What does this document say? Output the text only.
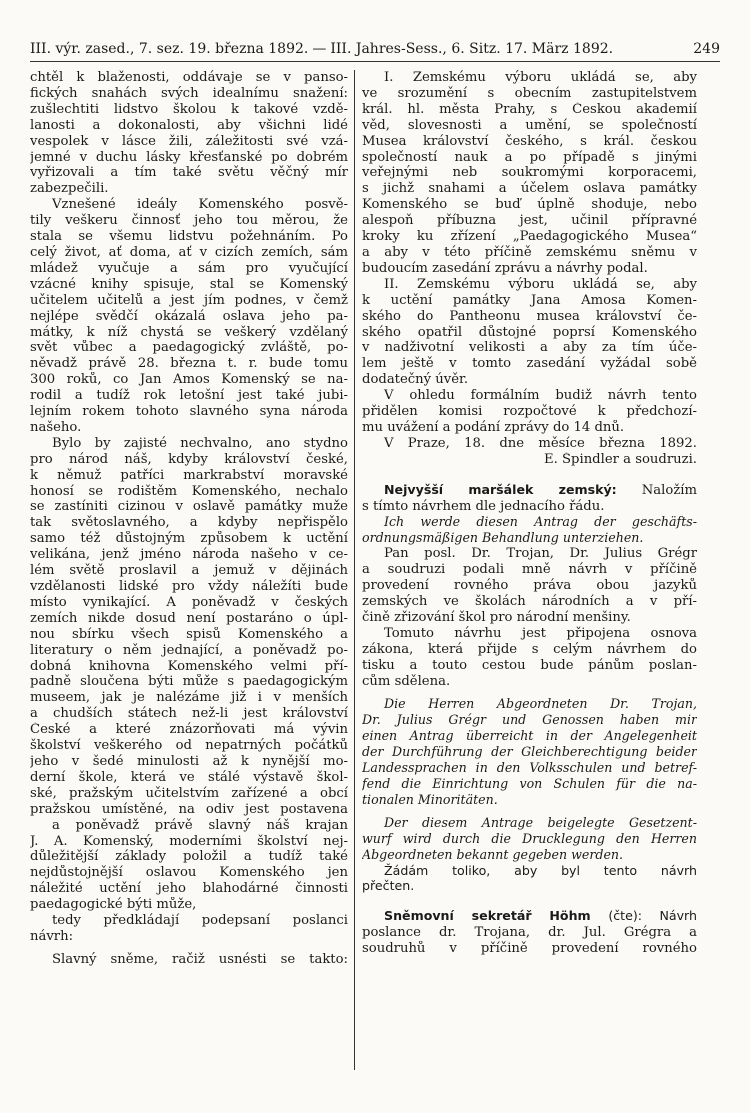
III. výr. zased., 7. sez. 19. března 1892. — III. Jahres-Sess., 6. Sitz. 17. März 1892.	249
chtěl k blaženosti, oddávaje se v panso-
fických snahách svých idealnímu snažení:
zušlechtiti lidstvo školou k takové vzdě-
lanosti a dokonalosti, aby všichni lidé
vespolek v lásce žili, záležitosti své vzá-
jemné v duchu lásky křesťanské po dobrém
vyřizovali a tím také světu věčný mír
zabezpečili.
Vznešené ideály Komenského posvě-
tily veškeru činnosť jeho tou měrou, že
stala se všemu lidstvu požehnáním. Po
celý život, ať doma, ať v cizích zemích, sám
mládež vyučuje a sám pro vyučující
vzácné knihy spisuje, stal se Komenský
učitelem učitelů a jest jím podnes, v čemž
nejlépe svědčí okázalá oslava jeho pa-
mátky, k níž chystá se veškerý vzdělaný
svět vůbec a paedagogický zvláště, po-
něvadž právě 28. března t. r. bude tomu
300 roků, co Jan Amos Komenský se na-
rodil a tudíž rok letošní jest také jubi-
lejním rokem tohoto slavného syna národa
našeho.
Bylo by zajisté nechvalno, ano stydno
pro národ náš, kdyby království české,
k němuž patříci markrabství moravské
honosí se rodištěm Komenského, nechalo
se zastíniti cizinou v oslavě památky muže
tak světoslavného, a kdyby nepřispělo
samo též důstojným způsobem k uctění
velikána, jenž jméno národa našeho v ce-
lém světě proslavil a jemuž v dějinách
vzdělanosti lidské pro vždy náležíti bude
místo vynikající. A poněvadž v českých
zemích nikde dosud není postaráno o úpl-
nou sbírku všech spisů Komenského a
literatury o něm jednající, a poněvadž po-
dobná knihovna Komenského velmi pří-
padně sloučena býti může s paedagogickým
museem, jak je nalézáme již i v menších
a chudších státech než-li jest království
České a které znázorňovati má vývin
školství veškerého od nepatrných počátků
jeho v šedé minulosti až k nynější mo-
derní škole, která ve stálé výstavě škol-
ské, pražským učitelstvím zařízené a obcí
pražskou umístěné, na odiv jest postavena
a poněvadž právě slavný náš krajan
J. A. Komenský, moderními školství nej-
důležitější základy položil a tudíž také
nejdůstojnější oslavou Komenského jen
náležité uctění jeho blahodárné činnosti
paedagogické býti může,
tedy předkládají podepsaní poslanci
návrh:
Slavný sněme, račiž usnésti se takto:
I. Zemskému výboru ukládá se, aby
ve srozumění s obecním zastupitelstvem
král. hl. města Prahy, s Českou akademií
věd, slovesnosti a umění, se společností
Musea království českého, s král. českou
společností nauk a po případě s jinými
veřejnými neb soukromými korporacemi,
s jichž snahami a účelem oslava památky
Komenského se buď úplně shoduje, nebo
alespoň příbuzna jest, učinil přípravné
kroky ku zřízení „Paedagogického Musea“
a aby v této příčině zemskému sněmu v
budoucím zasedání zprávu a návrhy podal.
II. Zemskému výboru ukládá se, aby
k uctění památky Jana Amosa Komen-
ského do Pantheonu musea království če-
ského opatřil důstojné poprsí Komenského
v nadživotní velikosti a aby za tím úče-
lem ještě v tomto zasedání vyžádal sobě
dodatečný úvěr.
V ohledu formálním budiž návrh tento
přidělen komisi rozpočtové k předchozí-
mu uvážení a podání zprávy do 14 dnů.
V Praze, 18. dne měsíce března 1892.
E. Špindler a soudruzi.
Nejvyšší maršálek zemský: Naložím
s tímto návrhem dle jednacího řádu.
Ich werde diesen Antrag der geschäfts-
ordnungsmäßigen Behandlung unterziehen.
Pan posl. Dr. Trojan, Dr. Julius Grégr
a soudruzi podali mně návrh v příčině
provedení rovného práva obou jazyků
zemských ve školách národních a v pří-
čině zřizování škol pro národní menšiny.
Tomuto návrhu jest připojena osnova
zákona, která přijde s celým návrhem do
tisku a touto cestou bude pánům poslan-
cům sdělena.
Die Herren Abgeordneten Dr. Trojan,
Dr. Julius Grégr und Genossen haben mir
einen Antrag überreicht in der Angelegenheit
der Durchführung der Gleichberechtigung beider
Landessprachen in den Volksschulen und betref-
fend die Einrichtung von Schulen für die na-
tionalen Minoritäten.
Der diesem Antrage beigelegte Gesetzent-
wurf wird durch die Drucklegung den Herren
Abgeordneten bekannt gegeben werden.
Žádám toliko, aby byl tento návrh
přečten.
Sněmovní sekretář Höhm (čte): Návrh
poslance dr. Trojana, dr. Jul. Grégra a
soudruhů v příčině provedení rovného
